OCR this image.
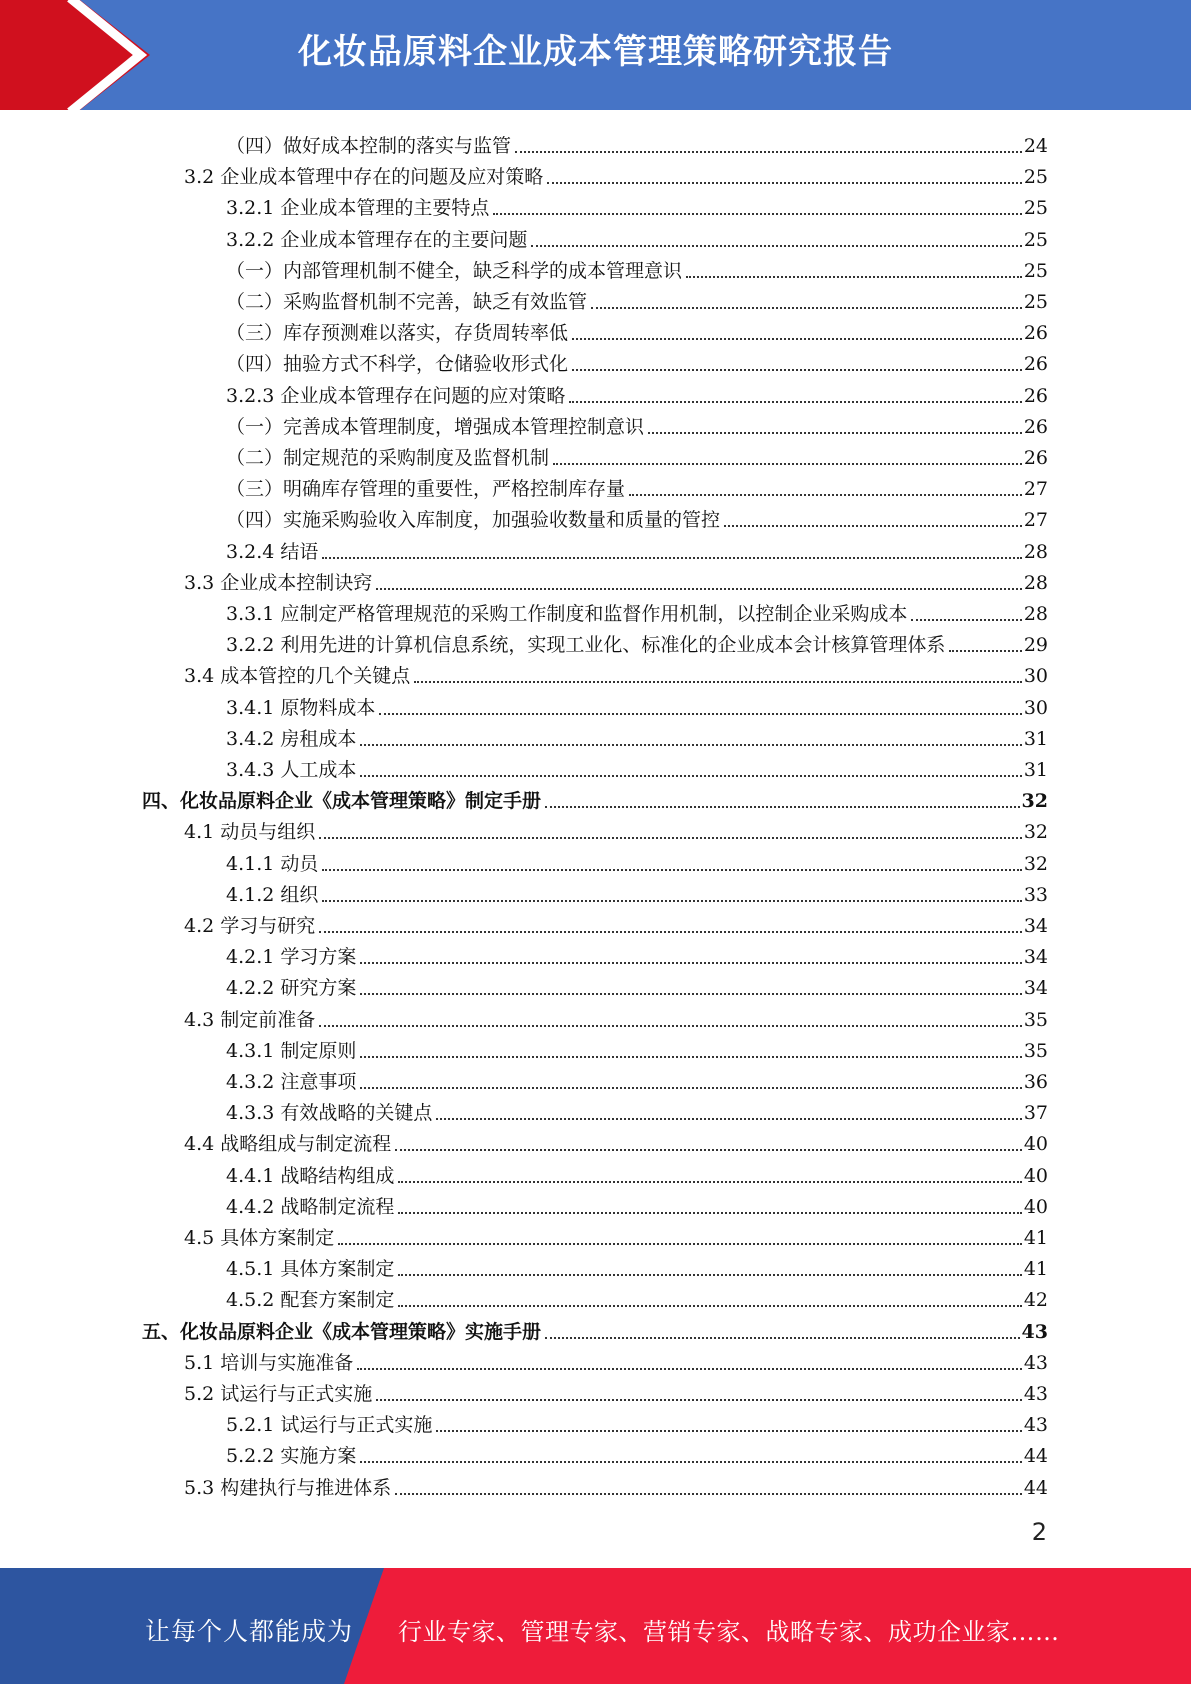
化妆品原料企业成本管理策略研究报告
（四）做好成本控制的落实与监管	24
3.2 企业成本管理中存在的问题及应对策略	25
3.2.1 企业成本管理的主要特点	25
3.2.2 企业成本管理存在的主要问题	25
（一）内部管理机制不健全，缺乏科学的成本管理意识	25
（二）采购监督机制不完善，缺乏有效监管	25
（三）库存预测难以落实，存货周转率低	26
（四）抽验方式不科学，仓储验收形式化	26
3.2.3 企业成本管理存在问题的应对策略	26
（一）完善成本管理制度，增强成本管理控制意识	26
（二）制定规范的采购制度及监督机制	26
（三）明确库存管理的重要性，严格控制库存量	27
（四）实施采购验收入库制度，加强验收数量和质量的管控	27
3.2.4 结语	28
3.3 企业成本控制诀窍	28
3.3.1 应制定严格管理规范的采购工作制度和监督作用机制，以控制企业采购成本	28
3.2.2 利用先进的计算机信息系统，实现工业化、标准化的企业成本会计核算管理体系	29
3.4 成本管控的几个关键点	30
3.4.1 原物料成本	30
3.4.2 房租成本	31
3.4.3 人工成本	31
四、化妆品原料企业《成本管理策略》制定手册	32
4.1 动员与组织	32
4.1.1 动员	32
4.1.2 组织	33
4.2 学习与研究	34
4.2.1 学习方案	34
4.2.2 研究方案	34
4.3 制定前准备	35
4.3.1 制定原则	35
4.3.2 注意事项	36
4.3.3 有效战略的关键点	37
4.4 战略组成与制定流程	40
4.4.1 战略结构组成	40
4.4.2 战略制定流程	40
4.5 具体方案制定	41
4.5.1 具体方案制定	41
4.5.2 配套方案制定	42
五、化妆品原料企业《成本管理策略》实施手册	43
5.1 培训与实施准备	43
5.2 试运行与正式实施	43
5.2.1 试运行与正式实施	43
5.2.2 实施方案	44
5.3 构建执行与推进体系	44
2
让每个人都能成为 行业专家、管理专家、营销专家、战略专家、成功企业家……
